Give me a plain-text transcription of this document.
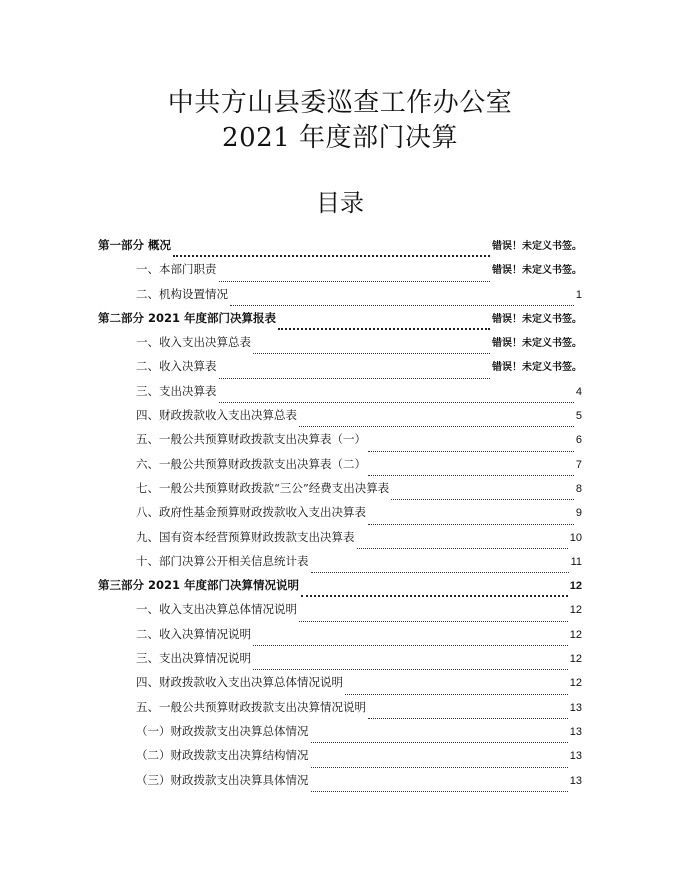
中共方山县委巡查工作办公室
2021 年度部门决算
目录
第一部分 概况	错误！未定义书签。
一、本部门职责	错误！未定义书签。
二、机构设置情况	1
第二部分 2021 年度部门决算报表	错误！未定义书签。
一、收入支出决算总表	错误！未定义书签。
二、收入决算表	错误！未定义书签。
三、支出决算表	4
四、财政拨款收入支出决算总表	5
五、一般公共预算财政拨款支出决算表（一）	6
六、一般公共预算财政拨款支出决算表（二）	7
七、一般公共预算财政拨款“三公”经费支出决算表	8
八、政府性基金预算财政拨款收入支出决算表	9
九、国有资本经营预算财政拨款支出决算表	10
十、部门决算公开相关信息统计表	11
第三部分 2021 年度部门决算情况说明	12
一、收入支出决算总体情况说明	12
二、收入决算情况说明	12
三、支出决算情况说明	12
四、财政拨款收入支出决算总体情况说明	12
五、一般公共预算财政拨款支出决算情况说明	13
（一）财政拨款支出决算总体情况	13
（二）财政拨款支出决算结构情况	13
（三）财政拨款支出决算具体情况	13
